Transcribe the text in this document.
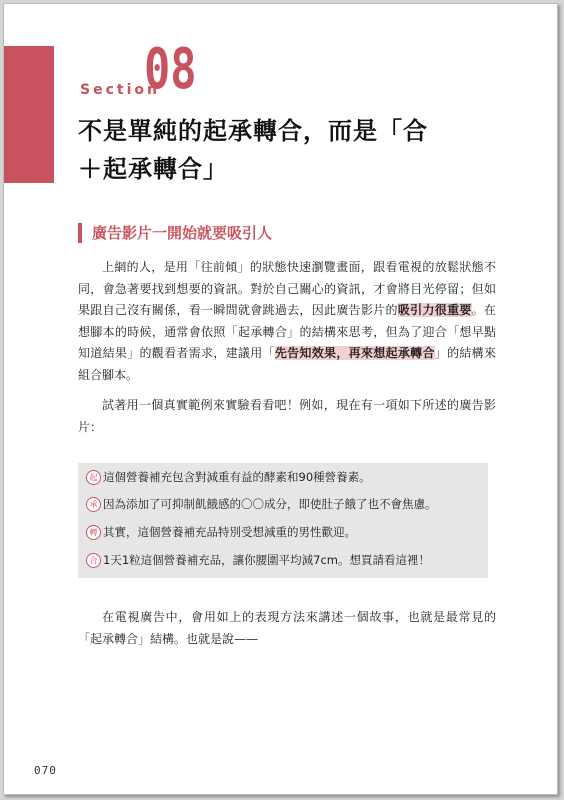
Section
08
不是單純的起承轉合，而是「合
＋起承轉合」
廣告影片一開始就要吸引人

上網的人，是用「往前傾」的狀態快速瀏覽畫面，跟看電視的放鬆狀態不同，會急著要找到想要的資訊。對於自己關心的資訊，才會將目光停留；但如果跟自己沒有關係，看一瞬間就會跳過去，因此廣告影片的吸引力很重要。在想腳本的時候，通常會依照「起承轉合」的結構來思考，但為了迎合「想早點知道結果」的觀看者需求，建議用「先告知效果，再來想起承轉合」的結構來組合腳本。

試著用一個真實範例來實驗看看吧！例如，現在有一項如下所述的廣告影片：

起 這個營養補充包含對減重有益的酵素和90種營養素。
承 因為添加了可抑制飢餓感的〇〇成分，即使肚子餓了也不會焦慮。
轉 其實，這個營養補充品特別受想減重的男性歡迎。
合 1天1粒這個營養補充品，讓你腰圍平均減7cm。想買請看這裡！

在電視廣告中，會用如上的表現方法來講述一個故事，也就是最常見的「起承轉合」結構。也就是說——

070
